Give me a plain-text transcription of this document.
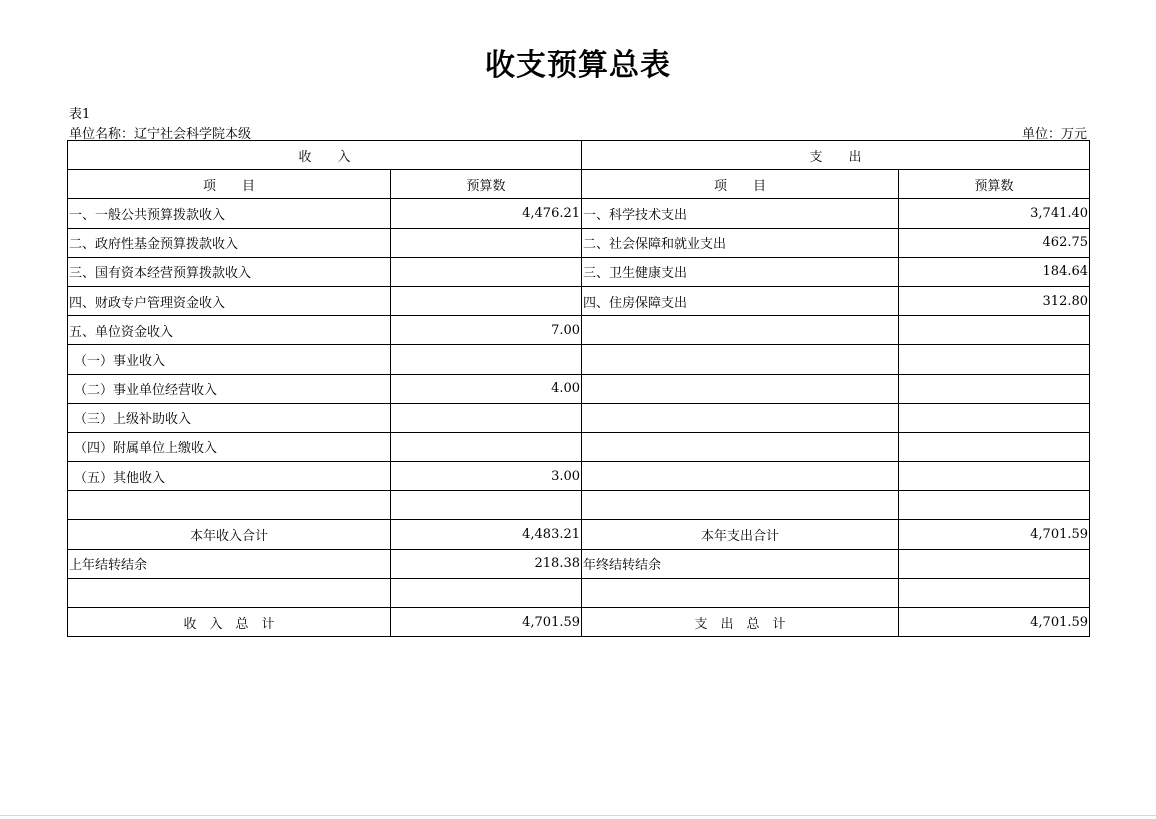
收支预算总表
表1
单位名称：辽宁社会科学院本级	单位：万元
收　　入		支　　出	
项　　目	预算数	项　　目	预算数
一、一般公共预算拨款收入	4,476.21	一、科学技术支出	3,741.40
二、政府性基金预算拨款收入		二、社会保障和就业支出	462.75
三、国有资本经营预算拨款收入		三、卫生健康支出	184.64
四、财政专户管理资金收入		四、住房保障支出	312.80
五、单位资金收入	7.00		
（一）事业收入			
（二）事业单位经营收入	4.00		
（三）上级补助收入			
（四）附属单位上缴收入			
（五）其他收入	3.00		

本年收入合计	4,483.21	本年支出合计	4,701.59
上年结转结余	218.38	年终结转结余	

收　入　总　计	4,701.59	支　出　总　计	4,701.59
